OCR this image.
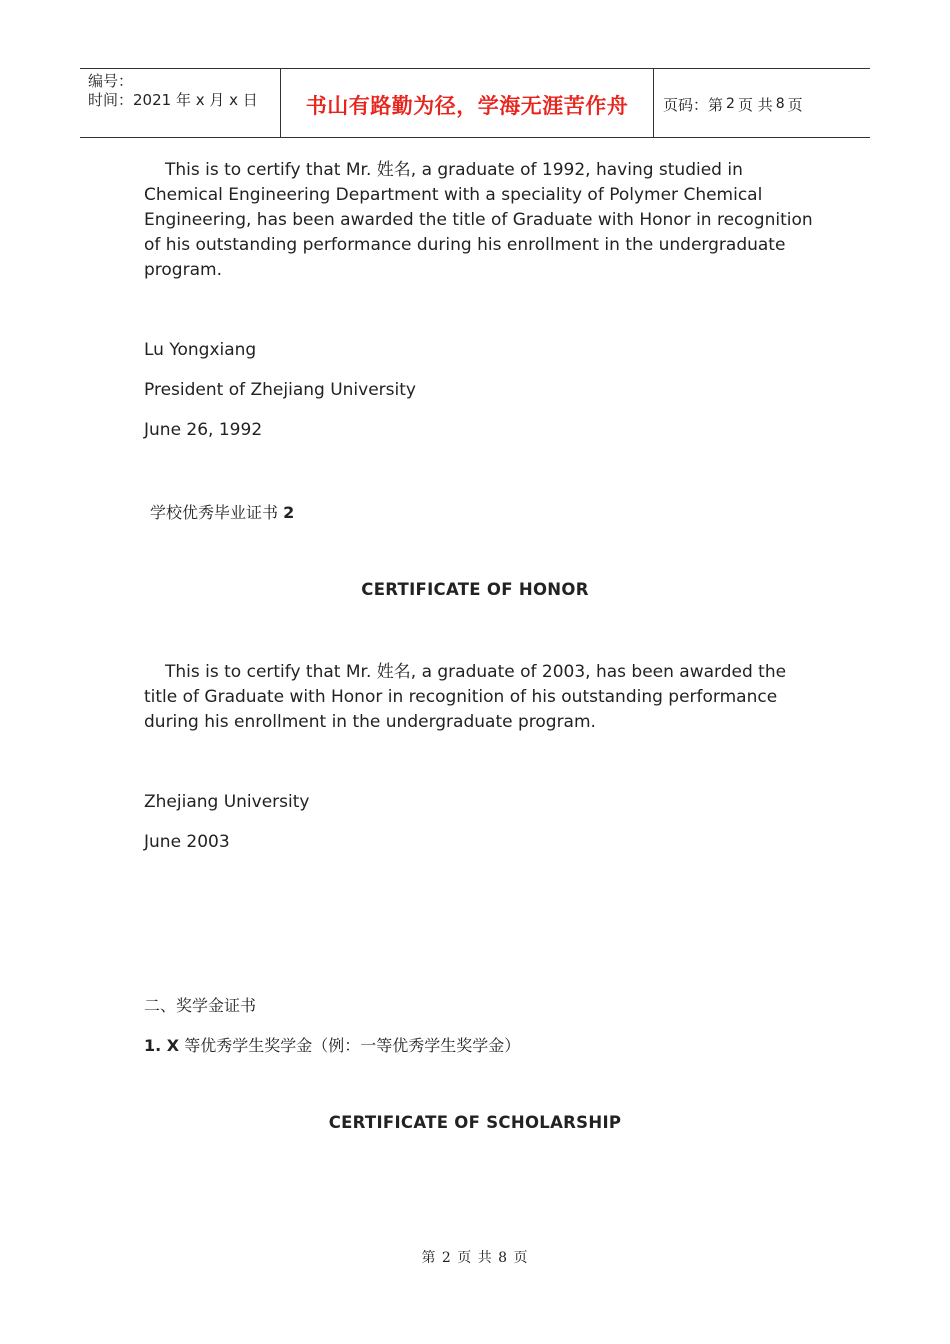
编号：
时间：2021 年 x 月 x 日	书山有路勤为径，学海无涯苦作舟 页码：第 2 页 共 8 页
This is to certify that Mr. 姓名, a graduate of 1992, having studied in Chemical Engineering Department with a speciality of Polymer Chemical Engineering, has been awarded the title of Graduate with Honor in recognition of his outstanding performance during his enrollment in the undergraduate program.
Lu Yongxiang
President of Zhejiang University
June 26, 1992
学校优秀毕业证书 2
CERTIFICATE OF HONOR
This is to certify that Mr. 姓名, a graduate of 2003, has been awarded the title of Graduate with Honor in recognition of his outstanding performance during his enrollment in the undergraduate program.
Zhejiang University
June 2003
二、奖学金证书
1. X 等优秀学生奖学金（例：一等优秀学生奖学金）
CERTIFICATE OF SCHOLARSHIP
第 2 页 共 8 页
